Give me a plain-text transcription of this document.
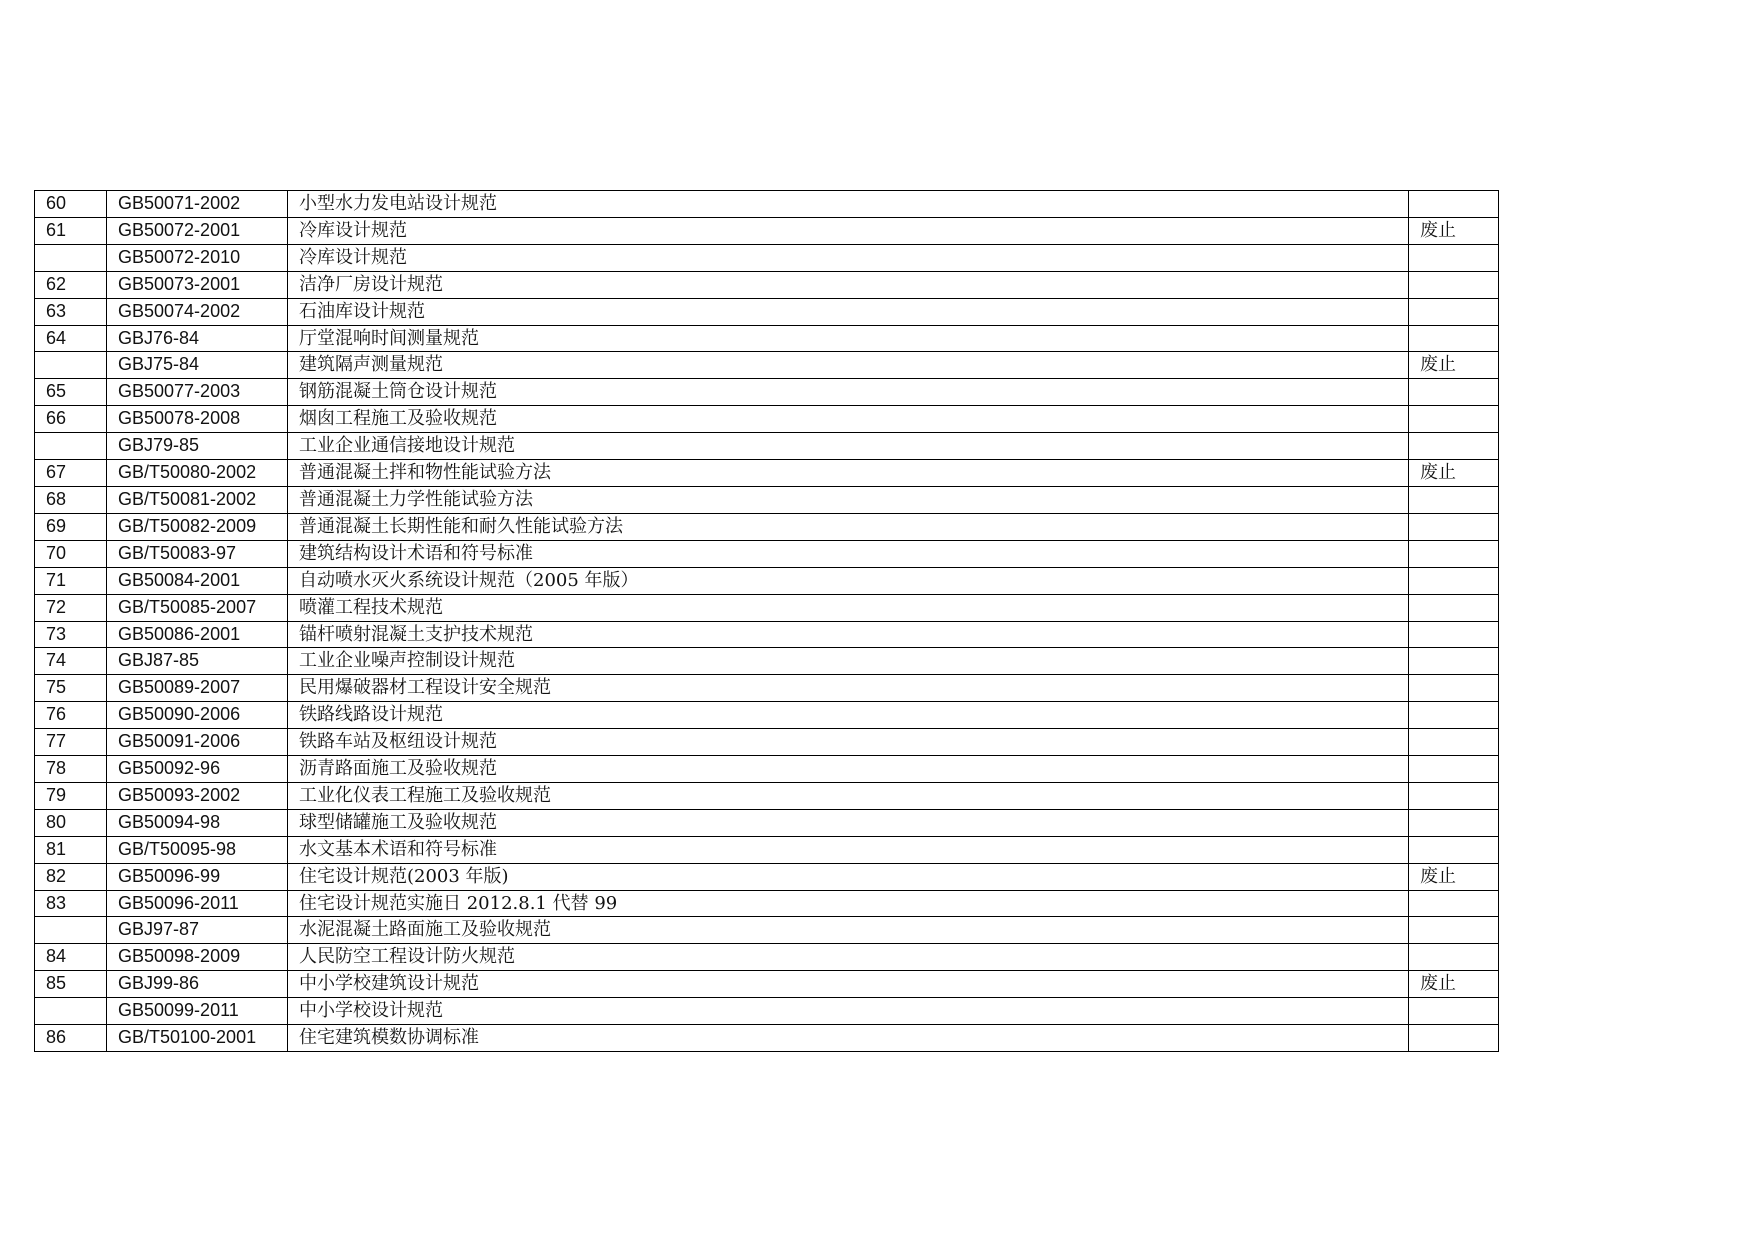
60	GB50071-2002	小型水力发电站设计规范	
61	GB50072-2001	冷库设计规范	废止
	GB50072-2010	冷库设计规范	
62	GB50073-2001	洁净厂房设计规范	
63	GB50074-2002	石油库设计规范	
64	GBJ76-84	厅堂混响时间测量规范	
	GBJ75-84	建筑隔声测量规范	废止
65	GB50077-2003	钢筋混凝土筒仓设计规范	
66	GB50078-2008	烟囱工程施工及验收规范	
	GBJ79-85	工业企业通信接地设计规范	
67	GB/T50080-2002	普通混凝土拌和物性能试验方法	废止
68	GB/T50081-2002	普通混凝土力学性能试验方法	
69	GB/T50082-2009	普通混凝土长期性能和耐久性能试验方法	
70	GB/T50083-97	建筑结构设计术语和符号标准	
71	GB50084-2001	自动喷水灭火系统设计规范（2005 年版）	
72	GB/T50085-2007	喷灌工程技术规范	
73	GB50086-2001	锚杆喷射混凝土支护技术规范	
74	GBJ87-85	工业企业噪声控制设计规范	
75	GB50089-2007	民用爆破器材工程设计安全规范	
76	GB50090-2006	铁路线路设计规范	
77	GB50091-2006	铁路车站及枢纽设计规范	
78	GB50092-96	沥青路面施工及验收规范	
79	GB50093-2002	工业化仪表工程施工及验收规范	
80	GB50094-98	球型储罐施工及验收规范	
81	GB/T50095-98	水文基本术语和符号标准	
82	GB50096-99	住宅设计规范(2003 年版)	废止
83	GB50096-2011	住宅设计规范实施日 2012.8.1 代替 99	
	GBJ97-87	水泥混凝土路面施工及验收规范	
84	GB50098-2009	人民防空工程设计防火规范	
85	GBJ99-86	中小学校建筑设计规范	废止
	GB50099-2011	中小学校设计规范	
86	GB/T50100-2001	住宅建筑模数协调标准	
